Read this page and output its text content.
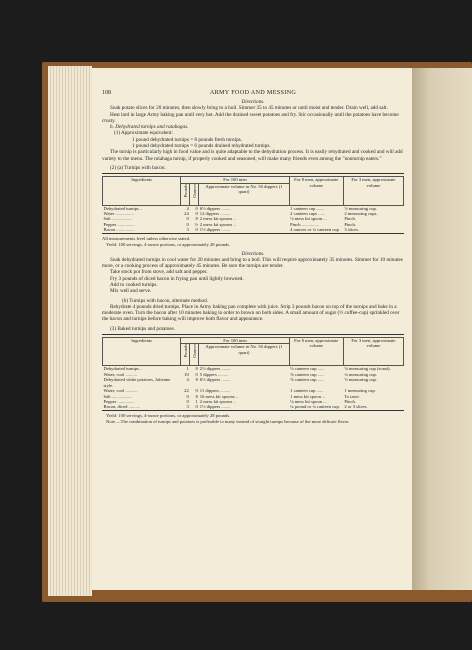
108	ARMY FOOD AND MESSING
Directions.

Soak potato slices for 20 minutes, then slowly bring to a boil. Simmer 35 to 45 minutes or until moist and tender. Drain well, add salt.

Heat lard in large Army baking pan until very hot. Add the drained sweet potatoes and fry. Stir occasionally until the potatoes have become crusty.

h. Dehydrated turnips and rutabagas.

(1) Approximate equivalent:

1 pound dehydrated turnips = 8 pounds fresh turnips.

1 pound dehydrated turnips = 6 pounds drained rehydrated turnips.

The turnip is particularly high in food value and is quite adaptable to the dehydration process. It is easily rehydrated and cooked and will add variety to the menu. The rutabaga turnip, if properly cooked and seasoned, will make many friends even among the "nonturnip eaters."

(2) (a) Turnips with bacon.

Ingredients	For 100 men			For 8 men, approximate volume	For 3 men, approximate volume
	Pounds	Ounces	Approximate volume in No. 56 dippers (1 quart)		
Dehydrated turnips ..	4	0	6½ dippers ........	1 canteen cup .......	½ measuring cup.
Water ................	24	0	12 dippers .........	2 canteen cups ......	2 measuring cups.
Salt ..................	0	8	2 mess kit spoons ..	⅛ mess kit spoon ...	Pinch.
Pepper ...............	0	½	2 mess kit spoons ..	Pinch ...............	Pinch.
Bacon ................	3	0	1½ dippers ........	4 ounces or ¼ canteen cup	3 slices.

All measurements level unless otherwise stated.

Yield: 100 servings, 4-ounce portions, or approximately 28 pounds.

Directions.

Soak dehydrated turnips in cool water for 20 minutes and bring to a boil. This will require approximately 35 minutes. Simmer for 10 minutes more, or a cooking process of approximately 45 minutes. Be sure the turnips are tender.

Take stock pot from stove, add salt and pepper.

Fry 3 pounds of diced bacon in frying pan until lightly browned.

Add to cooked turnips.

Mix well and serve.

(b) Turnips with bacon, alternate method.

Rehydrate 4 pounds dried turnips. Place in Army baking pan complete with juice. Strip 3 pounds bacon on top of the turnips and bake in a moderate oven. Turn the bacon after 10 minutes baking in order to brown on both sides. A small amount of sugar (½ coffee-cup) sprinkled over the bacon and turnips before baking will improve both flavor and appearance.

(3) Baked turnips and potatoes.

Ingredients	For 100 men			For 8 men, approximate volume	For 3 men, approximate volume
	Pounds	Ounces	Approximate volume in No. 56 dippers (1 quart)		
Dehydrated turnips ..	1	8	2½ dippers ........	⅛ canteen cup ......	⅛ measuring cup (scant).
Water, cool ..........	10	0	5 dippers .........	⅞ canteen cup ......	¼ measuring cup.
Dehydrated white potatoes, Julienne style.	4	8	6½ dippers ........	⅞ canteen cup ......	⅓ measuring cup.
Water, cool ..........	22	0	11 dippers .........	1 canteen cup ......	1 measuring cup.
Salt ..................	0	8	16 mess kit spoons ..	1 mess kit spoon ...	To taste.
Pepper ...............	0	1	2 mess kit spoons ..	⅛ mess kit spoon ...	Pinch.
Bacon, diced ..........	3	0	1½ dippers ........	¼ pound or ¼ canteen cup.	2 or 3 slices.

Yield: 100 servings, 4-ounce portions, or approximately 28 pounds.

Note.—The combination of turnips and potatoes is preferable to many instead of straight turnips because of the more delicate flavor.
